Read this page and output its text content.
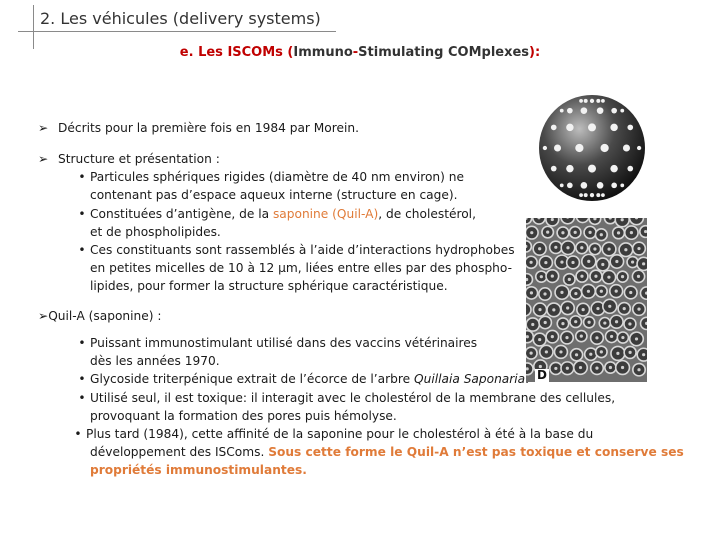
2. Les véhicules (delivery systems)
e. Les ISCOMs (Immuno-Stimulating COMplexes):
➢ Décrits pour la première fois en 1984 par Morein.
➢ Structure et présentation :
• Particules sphériques rigides (diamètre de 40 nm environ) ne
contenant pas d’espace aqueux interne (structure en cage).
• Constituées d’antigène, de la saponine (Quil-A), de cholestérol,
et de phospholipides.
• Ces constituants sont rassemblés à l’aide d’interactions hydrophobes
en petites micelles de 10 à 12 µm, liées entre elles par des phospho-
lipides, pour former la structure sphérique caractéristique.
➢Quil-A (saponine) :
• Puissant immunostimulant utilisé dans des vaccins vétérinaires
dès les années 1970.
• Glycoside triterpénique extrait de l’écorce de l’arbre Quillaia Saponaria
• Utilisé seul, il est toxique: il interagit avec le cholestérol de la membrane des cellules,
provoquant la formation des pores puis hémolyse.
• Plus tard (1984), cette affinité de la saponine pour le cholestérol à été à la base du
développement des ISComs. Sous cette forme le Quil-A n’est pas toxique et conserve ses
propriétés immunostimulantes.
D
